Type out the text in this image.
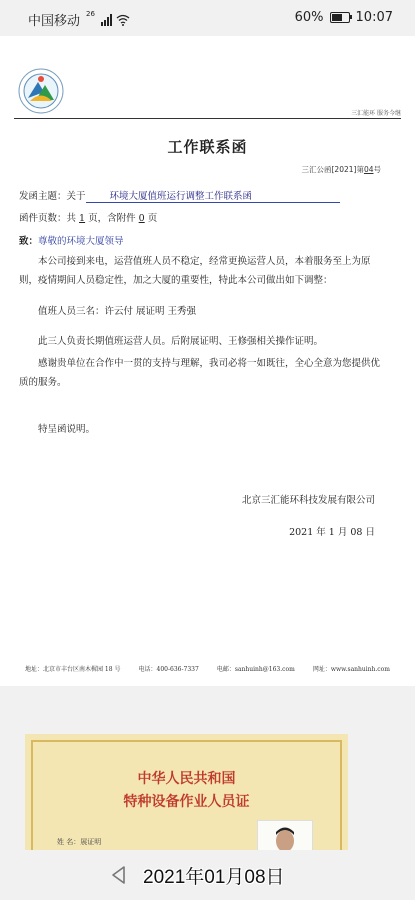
中国移动
26	60% 10:07
三汇能环 服务今继
工作联系函
三汇公函[2021]第04号
发函主题：关于	环境大厦值班运行调整工作联系函
函件页数：共 1 页，含附件 0 页
致：尊敬的环境大厦领导
本公司接到来电，运营值班人员不稳定，经常更换运营人员，本着服务至上为原则，疫情期间人员稳定性，加之大厦的重要性，特此本公司做出如下调整：
值班人员三名：许云付 展证明 王秀强
此三人负责长期值班运营人员。后附展证明、王修强相关操作证明。
感谢贵单位在合作中一贯的支持与理解，我司必将一如既往，全心全意为您提供优质的服务。
特呈函说明。
北京三汇能环科技发展有限公司
2021 年 1 月 08 日
地址：北京市丰台区南木樨园 18 号	电话：400-636-7337	电邮：sanhuinh@163.com	网址：www.sanhuinh.com
中华人民共和国
特种设备作业人员证
姓 名：展证明
2021年01月08日
